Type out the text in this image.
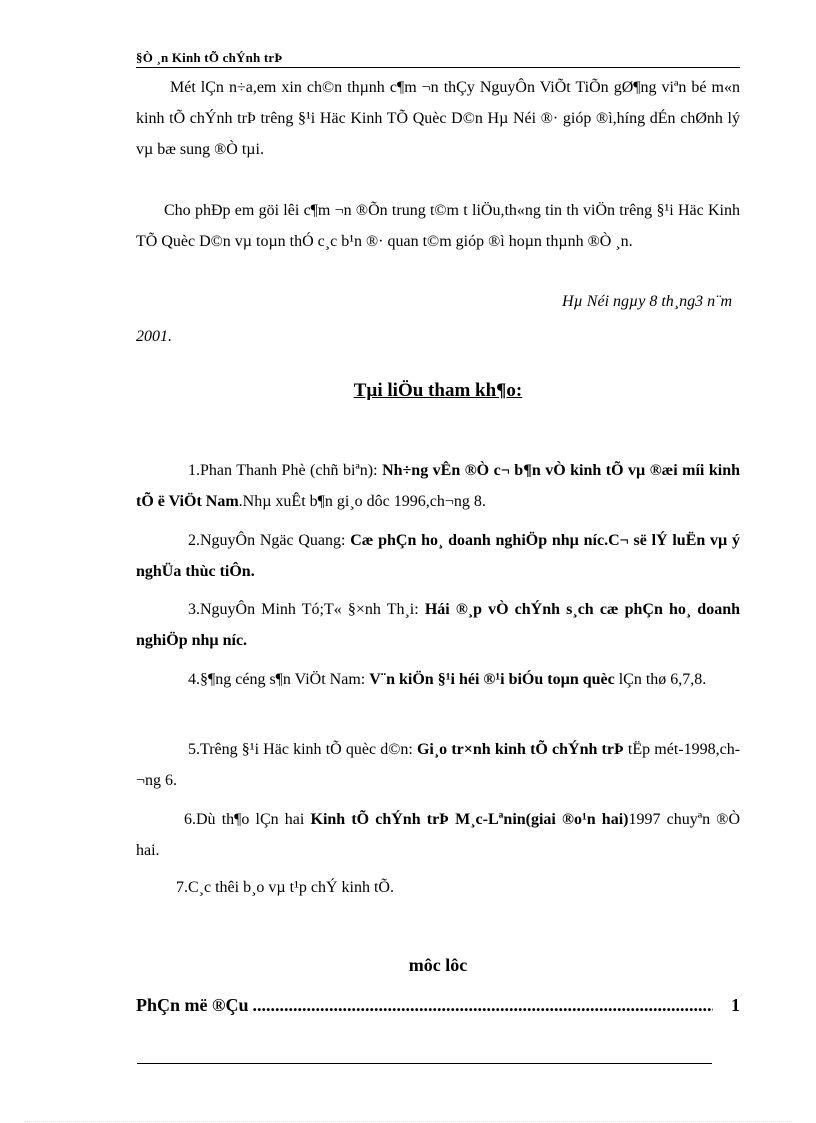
§Ò ¸n Kinh tÕ chÝnh trÞ

Mét lÇn n÷a,em xin ch©n thµnh c¶m ¬n thÇy NguyÔn ViÕt TiÕn gØ¶ng viªn bé m«n kinh tÕ chÝnh trÞ trêng §¹i Häc Kinh TÕ Quèc D©n Hµ Néi ®· gióp ®ì,híng dÉn chØnh lý vµ bæ sung ®Ò tµi.

Cho phÐp em göi lêi c¶m ¬n ®Õn trung t©m t liÖu,th«ng tin th viÖn trêng §¹i Häc Kinh TÕ Quèc D©n vµ toµn thÓ c¸c b¹n ®· quan t©m gióp ®ì hoµn thµnh ®Ò ¸n.

Hµ Néi ngµy 8 th¸ng3 n¨m
2001.
Tµi liÖu tham kh¶o:

1.Phan Thanh Phè (chñ biªn): Nh÷ng vÊn ®Ò c¬ b¶n vÒ kinh tÕ vµ ®æi míi kinh tÕ ë ViÖt Nam.Nhµ xuÊt b¶n gi¸o dôc 1996,ch¬ng 8.

2.NguyÔn Ngäc Quang: Cæ phÇn ho¸ doanh nghiÖp nhµ níc.C¬ së lÝ luËn vµ ý nghÜa thùc tiÔn.

3.NguyÔn Minh Tó;T« §×nh Th¸i: Hái ®¸p vÒ chÝnh s¸ch cæ phÇn ho¸ doanh nghiÖp nhµ níc.

4.§¶ng céng s¶n ViÖt Nam: V¨n kiÖn §¹i héi ®¹i biÓu toµn quèc lÇn thø 6,7,8.

5.Trêng §¹i Häc kinh tÕ quèc d©n: Gi¸o tr×nh kinh tÕ chÝnh trÞ tËp mét-1998,ch¬ng 6.

6.Dù th¶o lÇn hai Kinh tÕ chÝnh trÞ M¸c-Lªnin(giai ®o¹n hai)1997 chuyªn ®Ò hai.

7.C¸c thêi b¸o vµ t¹p chÝ kinh tÕ.

môc lôc
PhÇn më ®Çu
.....	1
